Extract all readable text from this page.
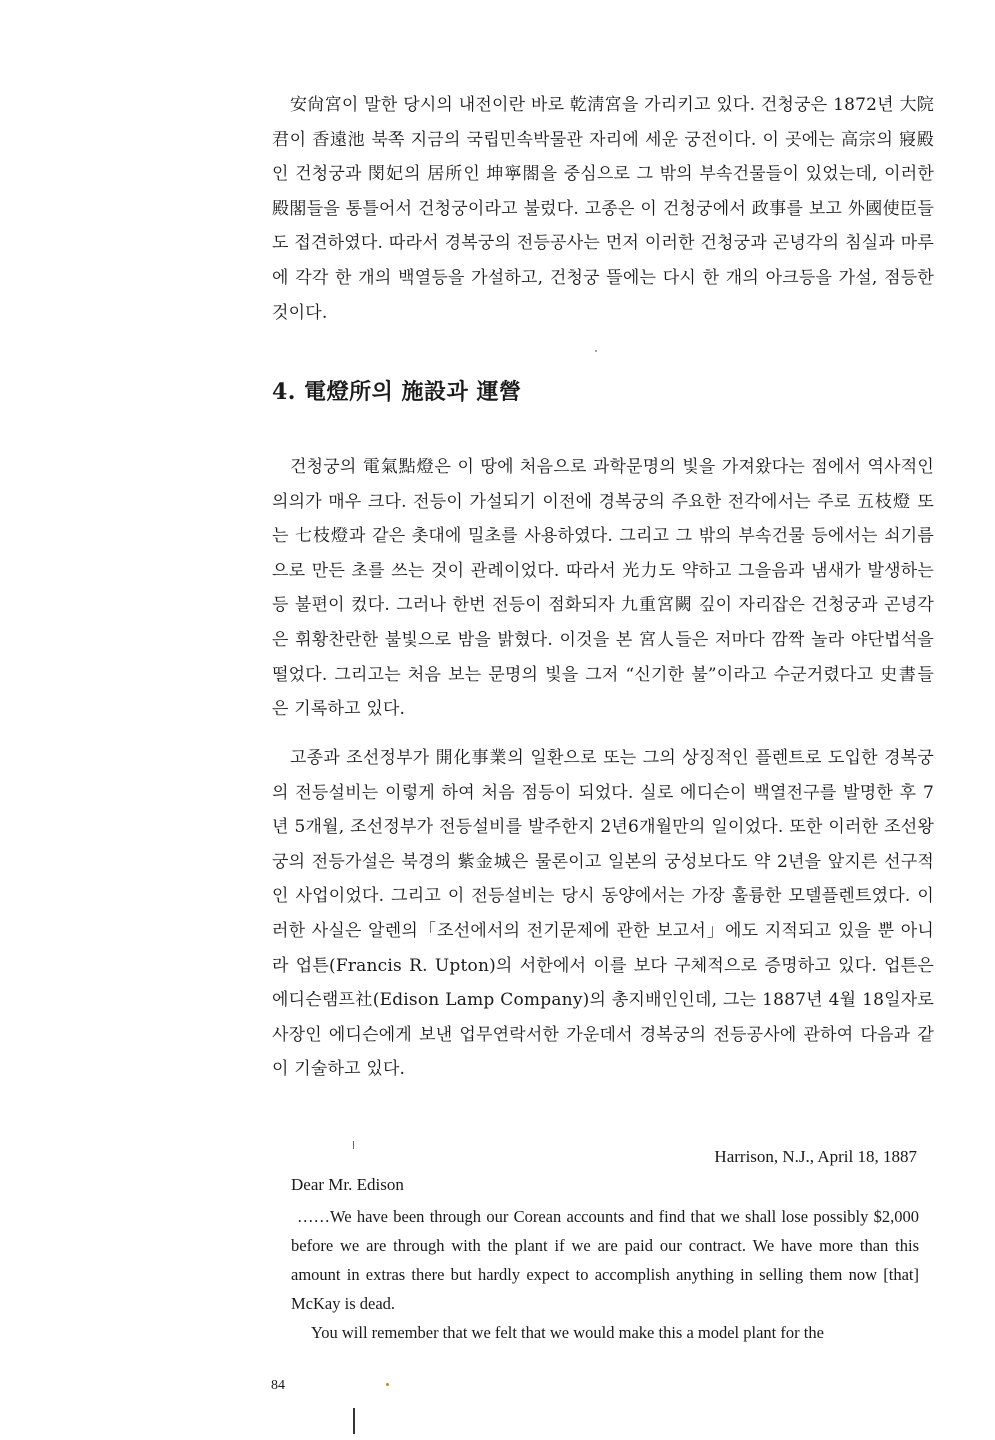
安尙宮이 말한 당시의 내전이란 바로 乾淸宮을 가리키고 있다. 건청궁은 1872년 大院君이 香遠池 북쪽 지금의 국립민속박물관 자리에 세운 궁전이다. 이 곳에는 高宗의 寢殿인 건청궁과 閔妃의 居所인 坤寧閤을 중심으로 그 밖의 부속건물들이 있었는데, 이러한 殿閣들을 통틀어서 건청궁이라고 불렀다. 고종은 이 건청궁에서 政事를 보고 外國使臣들도 접견하였다. 따라서 경복궁의 전등공사는 먼저 이러한 건청궁과 곤녕각의 침실과 마루에 각각 한 개의 백열등을 가설하고, 건청궁 뜰에는 다시 한 개의 아크등을 가설, 점등한 것이다.

4. 電燈所의 施設과 運營

건청궁의 電氣點燈은 이 땅에 처음으로 과학문명의 빛을 가져왔다는 점에서 역사적인 의의가 매우 크다. 전등이 가설되기 이전에 경복궁의 주요한 전각에서는 주로 五枝燈 또는 七枝燈과 같은 촛대에 밀초를 사용하였다. 그리고 그 밖의 부속건물 등에서는 쇠기름으로 만든 초를 쓰는 것이 관례이었다. 따라서 光力도 약하고 그을음과 냄새가 발생하는 등 불편이 컸다. 그러나 한번 전등이 점화되자 九重宮闕 깊이 자리잡은 건청궁과 곤녕각은 휘황찬란한 불빛으로 밤을 밝혔다. 이것을 본 宮人들은 저마다 깜짝 놀라 야단법석을 떨었다. 그리고는 처음 보는 문명의 빛을 그저 “신기한 불”이라고 수군거렸다고 史書들은 기록하고 있다.

고종과 조선정부가 開化事業의 일환으로 또는 그의 상징적인 플렌트로 도입한 경복궁의 전등설비는 이렇게 하여 처음 점등이 되었다. 실로 에디슨이 백열전구를 발명한 후 7년 5개월, 조선정부가 전등설비를 발주한지 2년6개월만의 일이었다. 또한 이러한 조선왕궁의 전등가설은 북경의 紫金城은 물론이고 일본의 궁성보다도 약 2년을 앞지른 선구적인 사업이었다. 그리고 이 전등설비는 당시 동양에서는 가장 훌륭한 모델플렌트였다. 이러한 사실은 알렌의「조선에서의 전기문제에 관한 보고서」에도 지적되고 있을 뿐 아니라 업튼(Francis R. Upton)의 서한에서 이를 보다 구체적으로 증명하고 있다. 업튼은 에디슨램프社(Edison Lamp Company)의 총지배인인데, 그는 1887년 4월 18일자로 사장인 에디슨에게 보낸 업무연락서한 가운데서 경복궁의 전등공사에 관하여 다음과 같이 기술하고 있다.

Harrison, N.J., April 18, 1887
Dear Mr. Edison

……We have been through our Corean accounts and find that we shall lose possibly $2,000 before we are through with the plant if we are paid our contract. We have more than this amount in extras there but hardly expect to accomplish anything in selling them now [that] McKay is dead.

You will remember that we felt that we would make this a model plant for the

84
